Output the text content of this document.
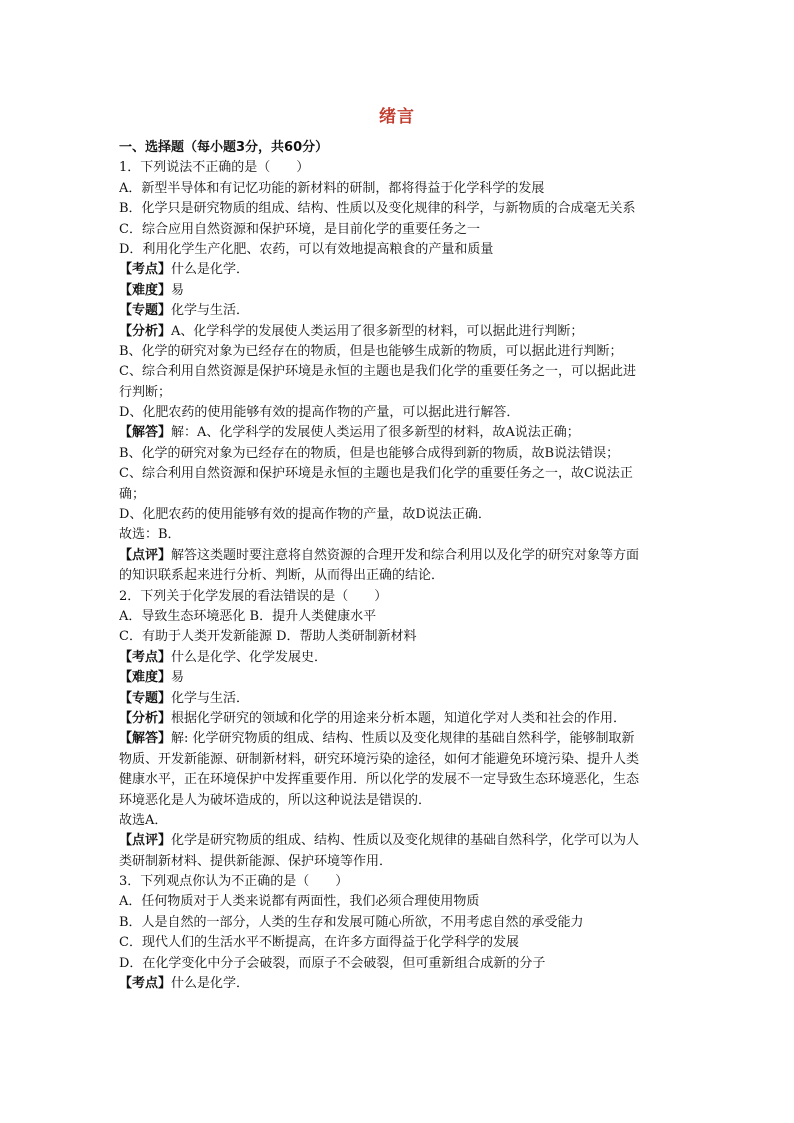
绪言
一、选择题（每小题3分，共60分）
1．下列说法不正确的是（　　）
A．新型半导体和有记忆功能的新材料的研制，都将得益于化学科学的发展
B．化学只是研究物质的组成、结构、性质以及变化规律的科学，与新物质的合成毫无关系
C．综合应用自然资源和保护环境，是目前化学的重要任务之一
D．利用化学生产化肥、农药，可以有效地提高粮食的产量和质量
【考点】什么是化学．
【难度】易
【专题】化学与生活．
【分析】A、化学科学的发展使人类运用了很多新型的材料，可以据此进行判断；
B、化学的研究对象为已经存在的物质，但是也能够生成新的物质，可以据此进行判断；
C、综合利用自然资源是保护环境是永恒的主题也是我们化学的重要任务之一，可以据此进
行判断；
D、化肥农药的使用能够有效的提高作物的产量，可以据此进行解答．
【解答】解：A、化学科学的发展使人类运用了很多新型的材料，故A说法正确；
B、化学的研究对象为已经存在的物质，但是也能够合成得到新的物质，故B说法错误；
C、综合利用自然资源和保护环境是永恒的主题也是我们化学的重要任务之一，故C说法正
确；
D、化肥农药的使用能够有效的提高作物的产量，故D说法正确．
故选：B．
【点评】解答这类题时要注意将自然资源的合理开发和综合利用以及化学的研究对象等方面
的知识联系起来进行分析、判断，从而得出正确的结论．
2．下列关于化学发展的看法错误的是（　　）
A．导致生态环境恶化 B．提升人类健康水平
C．有助于人类开发新能源 D．帮助人类研制新材料
【考点】什么是化学、化学发展史．
【难度】易
【专题】化学与生活．
【分析】根据化学研究的领域和化学的用途来分析本题，知道化学对人类和社会的作用．
【解答】解: 化学研究物质的组成、结构、性质以及变化规律的基础自然科学，能够制取新
物质、开发新能源、研制新材料，研究环境污染的途径，如何才能避免环境污染、提升人类
健康水平，正在环境保护中发挥重要作用．所以化学的发展不一定导致生态环境恶化，生态
环境恶化是人为破坏造成的，所以这种说法是错误的．
故选A．
【点评】化学是研究物质的组成、结构、性质以及变化规律的基础自然科学，化学可以为人
类研制新材料、提供新能源、保护环境等作用．
3．下列观点你认为不正确的是（　　）
A．任何物质对于人类来说都有两面性，我们必须合理使用物质
B．人是自然的一部分，人类的生存和发展可随心所欲，不用考虑自然的承受能力
C．现代人们的生活水平不断提高，在许多方面得益于化学科学的发展
D．在化学变化中分子会破裂，而原子不会破裂，但可重新组合成新的分子
【考点】什么是化学．
